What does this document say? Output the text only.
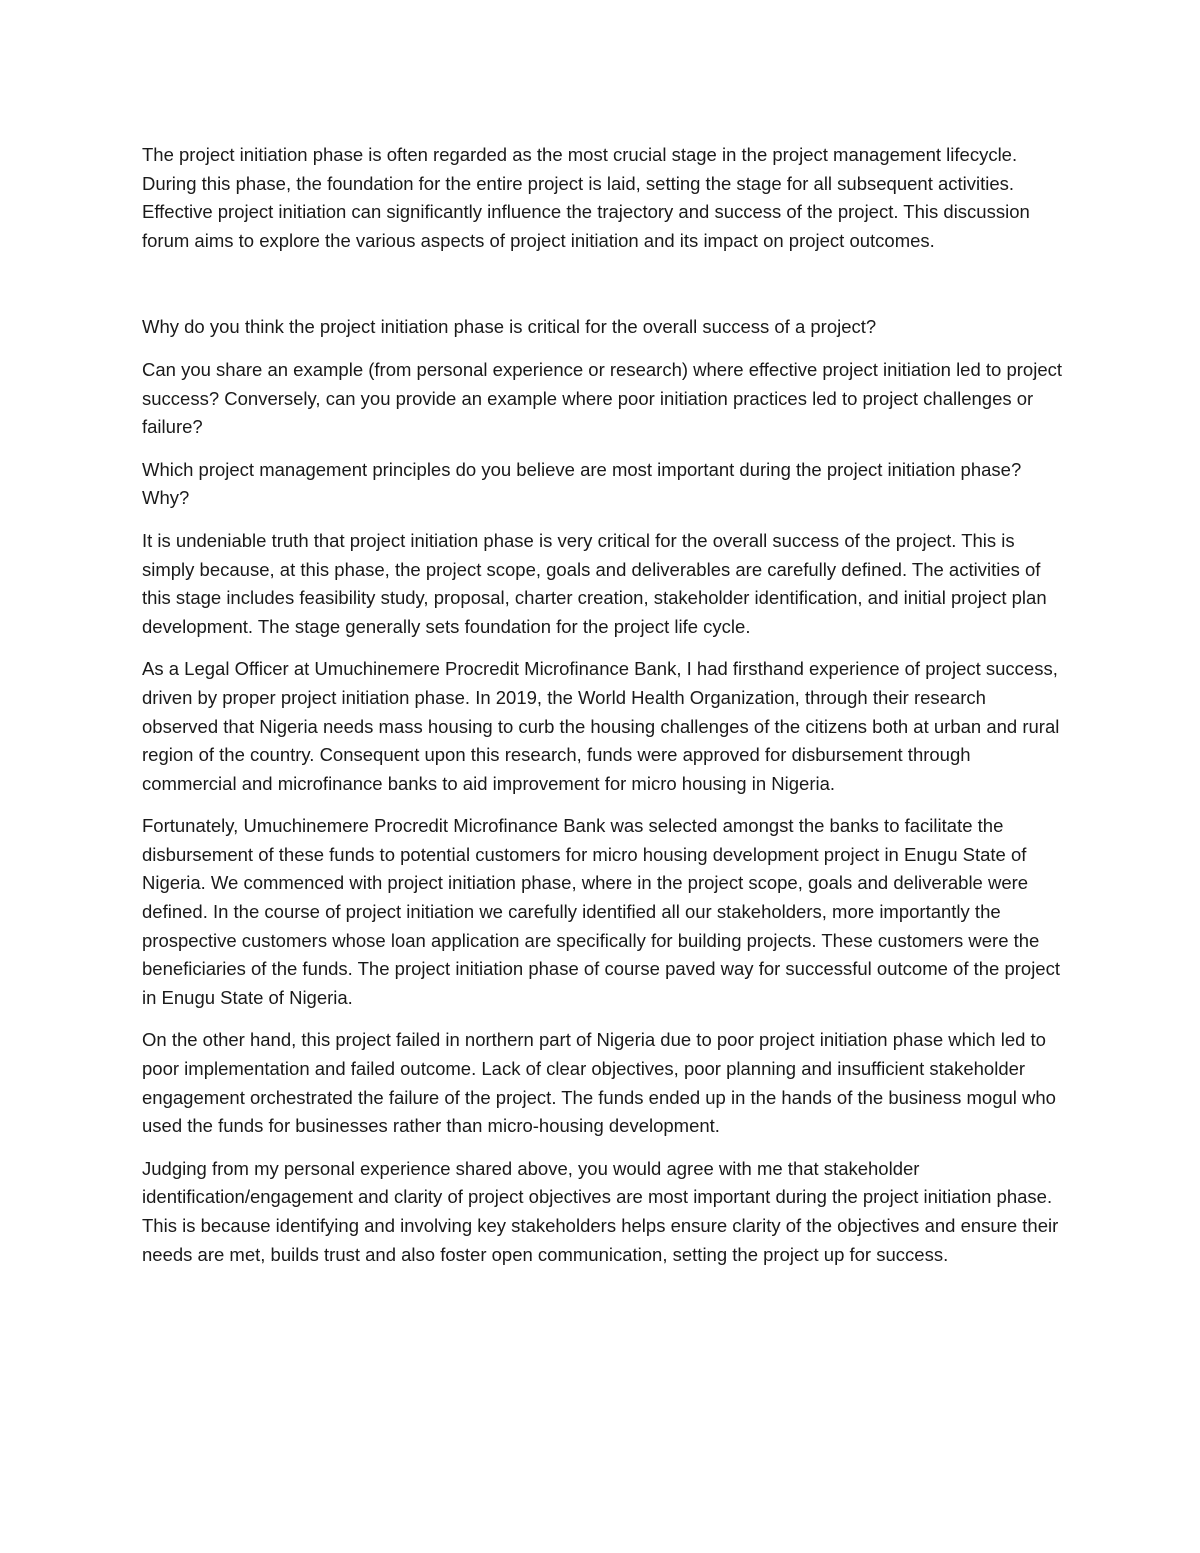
The project initiation phase is often regarded as the most crucial stage in the project management lifecycle. During this phase, the foundation for the entire project is laid, setting the stage for all subsequent activities. Effective project initiation can significantly influence the trajectory and success of the project. This discussion forum aims to explore the various aspects of project initiation and its impact on project outcomes.

Why do you think the project initiation phase is critical for the overall success of a project?

Can you share an example (from personal experience or research) where effective project initiation led to project success? Conversely, can you provide an example where poor initiation practices led to project challenges or failure?

Which project management principles do you believe are most important during the project initiation phase? Why?

It is undeniable truth that project initiation phase is very critical for the overall success of the project. This is simply because, at this phase, the project scope, goals and deliverables are carefully defined. The activities of this stage includes feasibility study, proposal, charter creation, stakeholder identification, and initial project plan development. The stage generally sets foundation for the project life cycle.

As a Legal Officer at Umuchinemere Procredit Microfinance Bank, I had firsthand experience of project success, driven by proper project initiation phase. In 2019, the World Health Organization, through their research observed that Nigeria needs mass housing to curb the housing challenges of the citizens both at urban and rural region of the country. Consequent upon this research, funds were approved for disbursement through commercial and microfinance banks to aid improvement for micro housing in Nigeria.

Fortunately, Umuchinemere Procredit Microfinance Bank was selected amongst the banks to facilitate the disbursement of these funds to potential customers for micro housing development project in Enugu State of Nigeria. We commenced with project initiation phase, where in the project scope, goals and deliverable were defined. In the course of project initiation we carefully identified all our stakeholders, more importantly the prospective customers whose loan application are specifically for building projects. These customers were the beneficiaries of the funds. The project initiation phase of course paved way for successful outcome of the project in Enugu State of Nigeria.

On the other hand, this project failed in northern part of Nigeria due to poor project initiation phase which led to poor implementation and failed outcome. Lack of clear objectives, poor planning and insufficient stakeholder engagement orchestrated the failure of the project. The funds ended up in the hands of the business mogul who used the funds for businesses rather than micro-housing development.

Judging from my personal experience shared above, you would agree with me that stakeholder identification/engagement and clarity of project objectives are most important during the project initiation phase. This is because identifying and involving key stakeholders helps ensure clarity of the objectives and ensure their needs are met, builds trust and also foster open communication, setting the project up for success.
